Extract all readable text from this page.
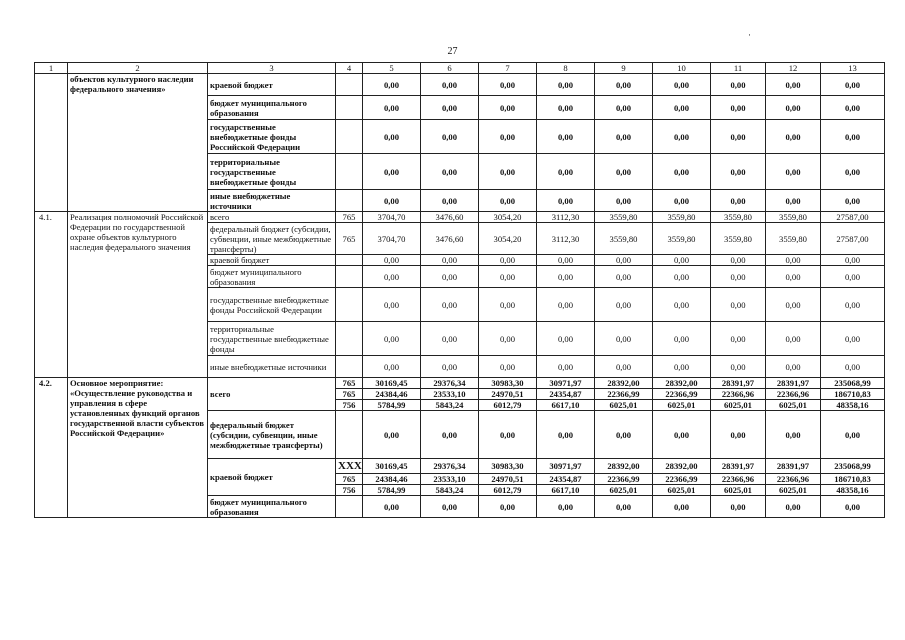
27
·
1	2	3	4	5	6	7	8	9	10	11	12	13
	объектов культурного наследии федерального значения»	краевой бюджет		0,00	0,00	0,00	0,00	0,00	0,00	0,00	0,00	0,00
		бюджет муниципального образования		0,00	0,00	0,00	0,00	0,00	0,00	0,00	0,00	0,00
		государственные внебюджетные фонды Российской Федерации		0,00	0,00	0,00	0,00	0,00	0,00	0,00	0,00	0,00
		территориальные государственные внебюджетные фонды		0,00	0,00	0,00	0,00	0,00	0,00	0,00	0,00	0,00
		иные внебюджетные источники		0,00	0,00	0,00	0,00	0,00	0,00	0,00	0,00	0,00
4.1.	Реализация полномочий Российской Федерации по государственной охране объектов культурного наследия федерального значения	всего	765	3704,70	3476,60	3054,20	3112,30	3559,80	3559,80	3559,80	3559,80	27587,00
		федеральный бюджет (субсидии, субвенции, иные межбюджетные трансферты)	765	3704,70	3476,60	3054,20	3112,30	3559,80	3559,80	3559,80	3559,80	27587,00
		краевой бюджет		0,00	0,00	0,00	0,00	0,00	0,00	0,00	0,00	0,00
		бюджет муниципального образования		0,00	0,00	0,00	0,00	0,00	0,00	0,00	0,00	0,00
		государственные внебюджетные фонды Российской Федерации		0,00	0,00	0,00	0,00	0,00	0,00	0,00	0,00	0,00
		территориальные государственные внебюджетные фонды		0,00	0,00	0,00	0,00	0,00	0,00	0,00	0,00	0,00
		иные внебюджетные источники		0,00	0,00	0,00	0,00	0,00	0,00	0,00	0,00	0,00
4.2.	Основное мероприятие: «Осуществление руководства и управления в сфере установленных функций органов государственной власти субъектов Российской Федерации»	всего	765	30169,45	29376,34	30983,30	30971,97	28392,00	28392,00	28391,97	28391,97	235068,99
			765	24384,46	23533,10	24970,51	24354,87	22366,99	22366,99	22366,96	22366,96	186710,83
			756	5784,99	5843,24	6012,79	6617,10	6025,01	6025,01	6025,01	6025,01	48358,16
		федеральный бюджет (субсидии, субвенции, иные межбюджетные трансферты)		0,00	0,00	0,00	0,00	0,00	0,00	0,00	0,00	0,00
		краевой бюджет	XXX	30169,45	29376,34	30983,30	30971,97	28392,00	28392,00	28391,97	28391,97	235068,99
			765	24384,46	23533,10	24970,51	24354,87	22366,99	22366,99	22366,96	22366,96	186710,83
			756	5784,99	5843,24	6012,79	6617,10	6025,01	6025,01	6025,01	6025,01	48358,16
		бюджет муниципального образования		0,00	0,00	0,00	0,00	0,00	0,00	0,00	0,00	0,00
